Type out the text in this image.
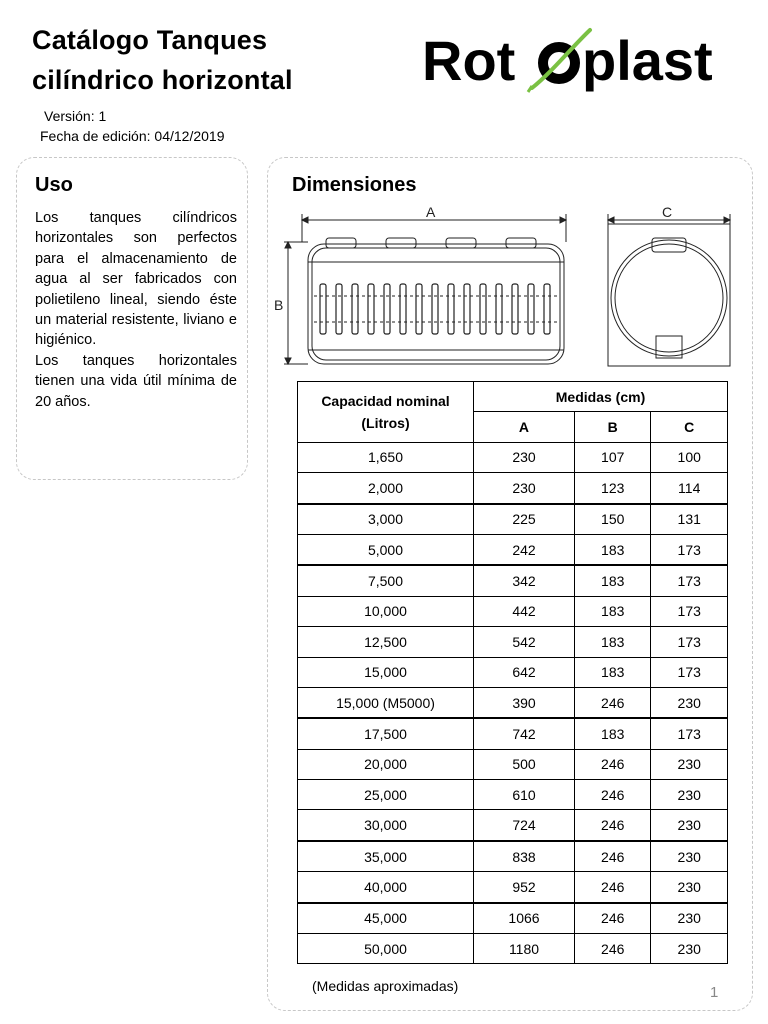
Catálogo Tanques
cilíndrico horizontal Rot plast
Versión: 1
Fecha de edición: 04/12/2019
Uso

Los tanques cilíndricos horizontales son perfectos para el almacenamiento de agua al ser fabricados con polietileno lineal, siendo éste un material resistente, liviano e higiénico.

Los tanques horizontales tienen una vida útil mínima de 20 años.

Dimensiones
A
B
C
Capacidad nominal (Litros)	Medidas (cm)		
	A	B	C
1,650	230	107	100
2,000	230	123	114
3,000	225	150	131
5,000	242	183	173
7,500	342	183	173
10,000	442	183	173
12,500	542	183	173
15,000	642	183	173
15,000 (M5000)	390	246	230
17,500	742	183	173
20,000	500	246	230
25,000	610	246	230
30,000	724	246	230
35,000	838	246	230
40,000	952	246	230
45,000	1066	246	230
50,000	1180	246	230
(Medidas aproximadas)	1
